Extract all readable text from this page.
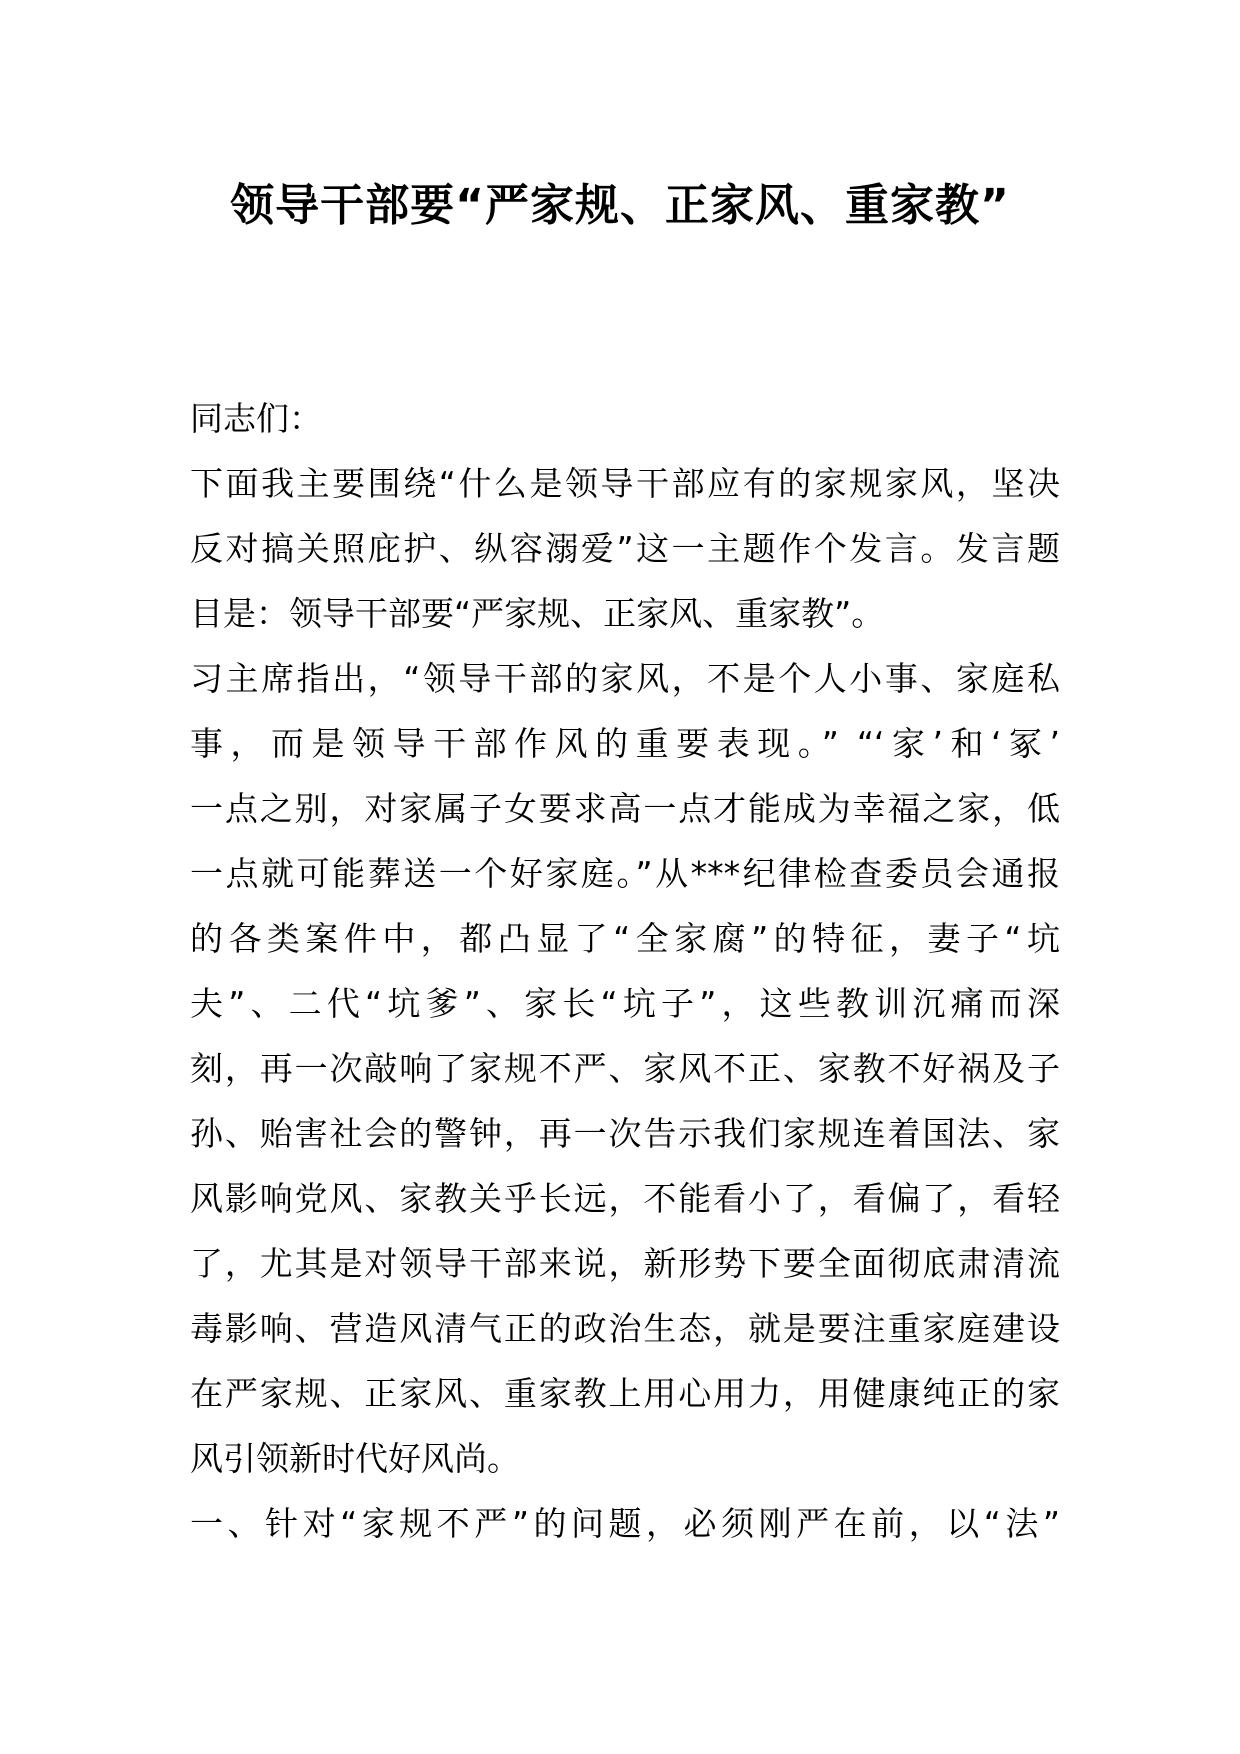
领导干部要“严家规、正家风、重家教”
同志们：
下面我主要围绕“什么是领导干部应有的家规家风，坚决
反对搞关照庇护、纵容溺爱”这一主题作个发言。发言题
目是：领导干部要“严家规、正家风、重家教”。
习主席指出，“领导干部的家风，不是个人小事、家庭私
事，而是领导干部作风的重要表现。” “‘家’和‘冢’
一点之别，对家属子女要求高一点才能成为幸福之家，低
一点就可能葬送一个好家庭。”从***纪律检查委员会通报
的各类案件中，都凸显了“全家腐”的特征，妻子“坑
夫”、二代“坑爹”、家长“坑子”，这些教训沉痛而深
刻，再一次敲响了家规不严、家风不正、家教不好祸及子
孙、贻害社会的警钟，再一次告示我们家规连着国法、家
风影响党风、家教关乎长远，不能看小了，看偏了，看轻
了，尤其是对领导干部来说，新形势下要全面彻底肃清流
毒影响、营造风清气正的政治生态，就是要注重家庭建设
在严家规、正家风、重家教上用心用力，用健康纯正的家
风引领新时代好风尚。
一、针对“家规不严”的问题，必须刚严在前，以“法”
